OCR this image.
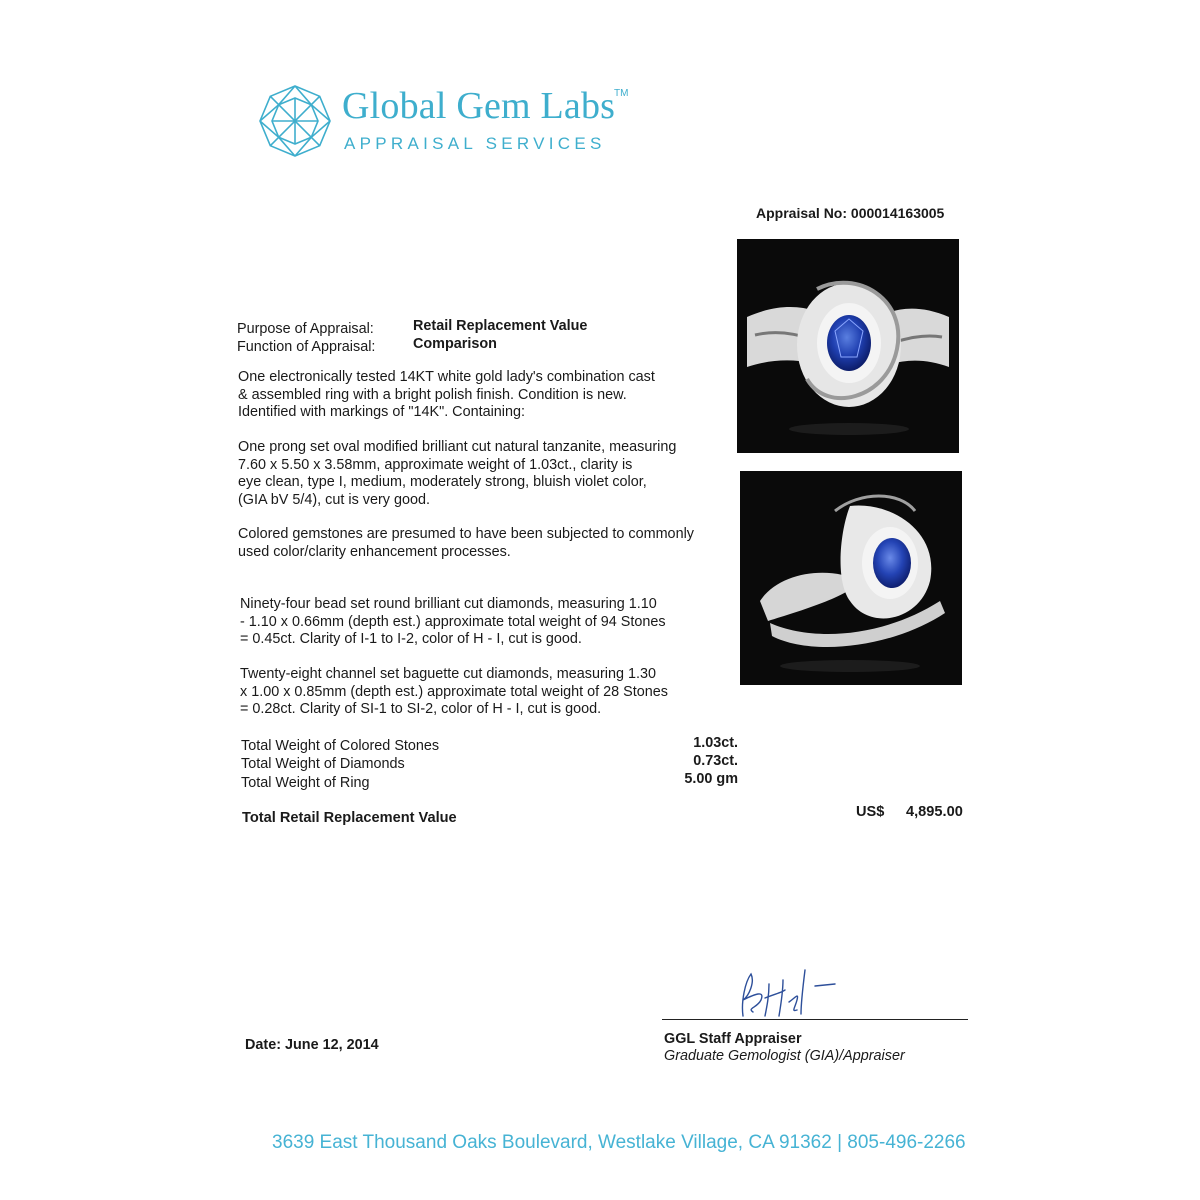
Global Gem Labs
TM
APPRAISAL SERVICES
Appraisal No: 000014163005
Purpose of Appraisal:	Retail Replacement Value
Function of Appraisal:	Comparison
One electronically tested 14KT white gold lady's combination cast
& assembled ring with a bright polish finish. Condition is new.
Identified with markings of "14K". Containing:
One prong set oval modified brilliant cut natural tanzanite, measuring
7.60 x 5.50 x 3.58mm, approximate weight of 1.03ct., clarity is
eye clean, type I, medium, moderately strong, bluish violet color,
(GIA bV 5/4), cut is very good.
Colored gemstones are presumed to have been subjected to commonly
used color/clarity enhancement processes.
Ninety-four bead set round brilliant cut diamonds, measuring 1.10
- 1.10 x 0.66mm (depth est.) approximate total weight of 94 Stones
= 0.45ct. Clarity of I-1 to I-2, color of H - I, cut is good.
Twenty-eight channel set baguette cut diamonds, measuring 1.30
x 1.00 x 0.85mm (depth est.) approximate total weight of 28 Stones
= 0.28ct. Clarity of SI-1 to SI-2, color of H - I, cut is good.
Total Weight of Colored Stones	1.03ct.
Total Weight of Diamonds	0.73ct.
Total Weight of Ring	5.00 gm
Total Retail Replacement Value	US$ 4,895.00
Date: June 12, 2014	GGL Staff Appraiser
Graduate Gemologist (GIA)/Appraiser
3639 East Thousand Oaks Boulevard, Westlake Village, CA 91362 | 805-496-2266
